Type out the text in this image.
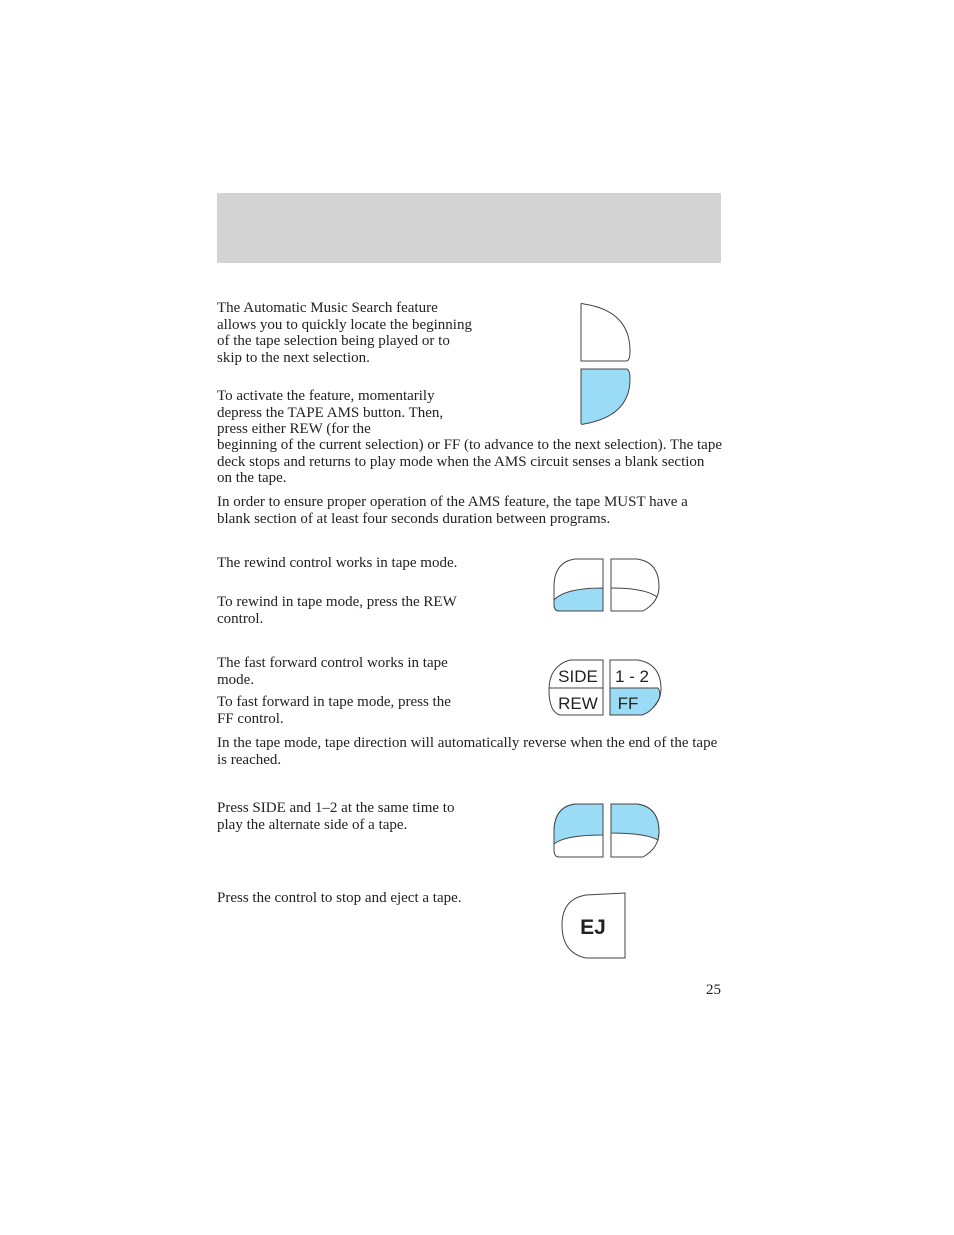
The Automatic Music Search feature allows you to quickly locate the beginning of the tape selection being played or to skip to the next selection.

To activate the feature, momentarily depress the TAPE AMS button. Then, press either REW (for the

beginning of the current selection) or FF (to advance to the next selection). The tape deck stops and returns to play mode when the AMS circuit senses a blank section on the tape.

In order to ensure proper operation of the AMS feature, the tape MUST have a blank section of at least four seconds duration between programs.

The rewind control works in tape mode.

To rewind in tape mode, press the REW control.

The fast forward control works in tape mode.

To fast forward in tape mode, press the FF control.

In the tape mode, tape direction will automatically reverse when the end of the tape is reached.

SIDE 1 - 2
REW FF

Press SIDE and 1–2 at the same time to play the alternate side of a tape.

Press the control to stop and eject a tape.

EJ
25
